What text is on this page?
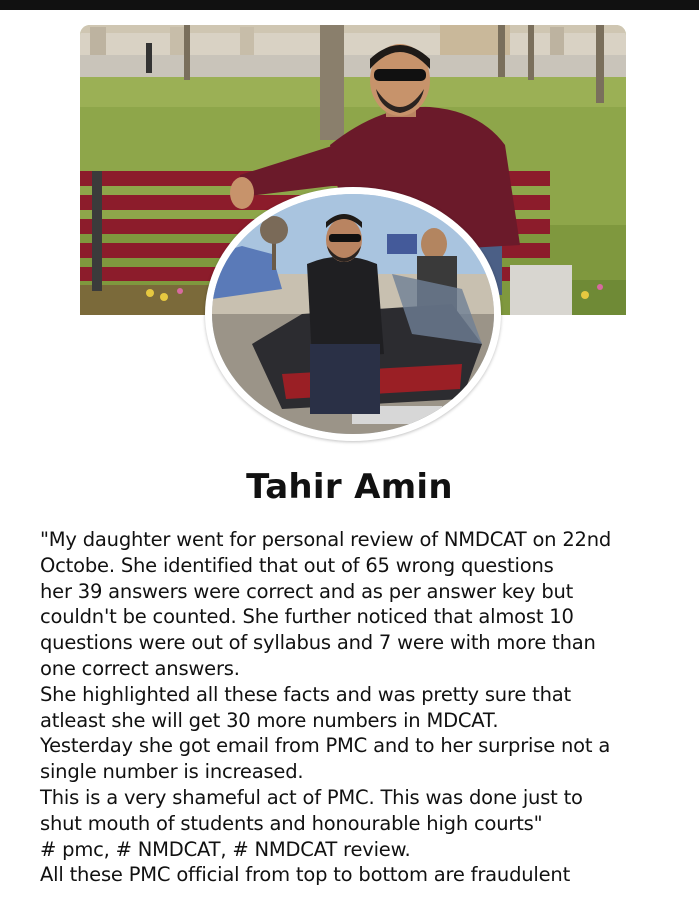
Tahir Amin
"My daughter went for personal review of NMDCAT on 22nd
Octobe. She identified that out of 65 wrong questions
her 39 answers were correct and as per answer key but
couldn't be counted. She further noticed that almost 10
questions were out of syllabus and 7 were with more than
one correct answers.
She highlighted all these facts and was pretty sure that
atleast she will get 30 more numbers in MDCAT.
Yesterday she got email from PMC and to her surprise not a
single number is increased.
This is a very shameful act of PMC. This was done just to
shut mouth of students and honourable high courts"
# pmc, # NMDCAT, # NMDCAT review.
All these PMC official from top to bottom are fraudulent
